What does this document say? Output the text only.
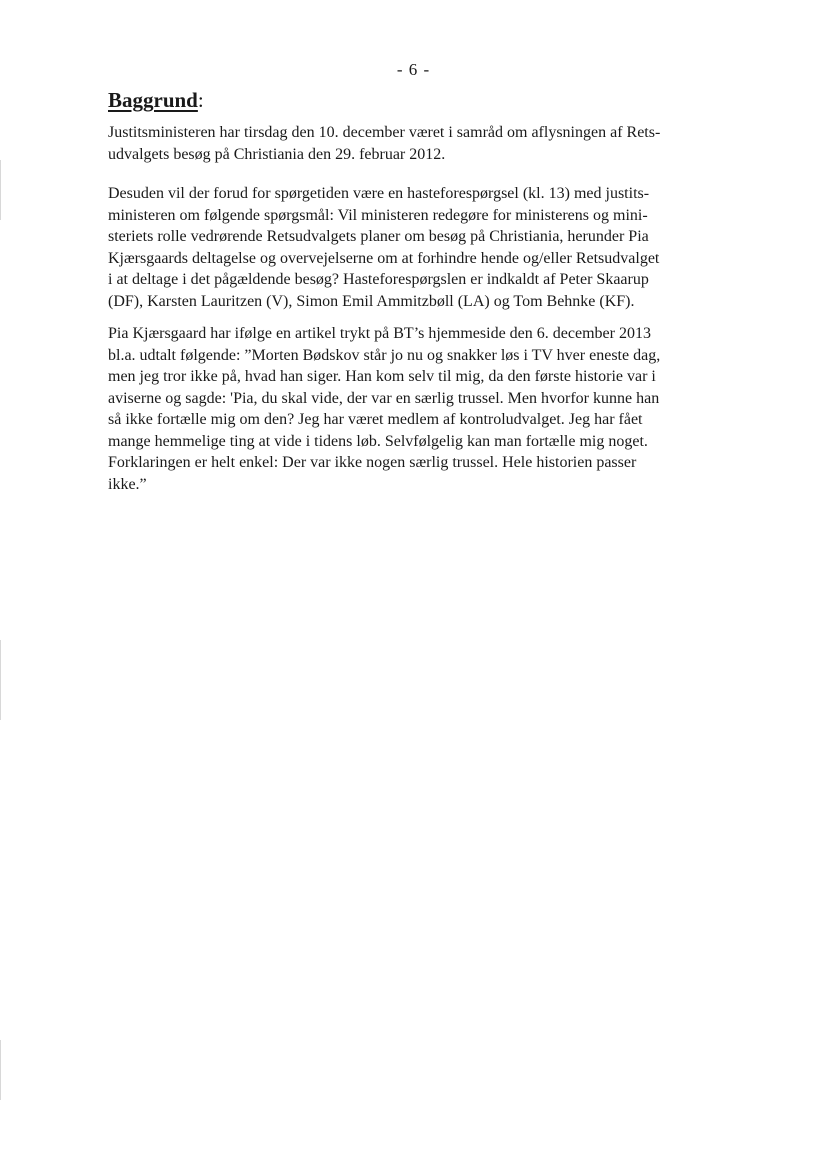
- 6 -
Baggrund:

Justitsministeren har tirsdag den 10. december været i samråd om aflysningen af Rets-
udvalgets besøg på Christiania den 29. februar 2012.

Desuden vil der forud for spørgetiden være en hasteforespørgsel (kl. 13) med justits-
ministeren om følgende spørgsmål: Vil ministeren redegøre for ministerens og mini-
steriets rolle vedrørende Retsudvalgets planer om besøg på Christiania, herunder Pia
Kjærsgaards deltagelse og overvejelserne om at forhindre hende og/eller Retsudvalget
i at deltage i det pågældende besøg? Hasteforespørgslen er indkaldt af Peter Skaarup
(DF), Karsten Lauritzen (V), Simon Emil Ammitzbøll (LA) og Tom Behnke (KF).

Pia Kjærsgaard har ifølge en artikel trykt på BT’s hjemmeside den 6. december 2013
bl.a. udtalt følgende: ”Morten Bødskov står jo nu og snakker løs i TV hver eneste dag,
men jeg tror ikke på, hvad han siger. Han kom selv til mig, da den første historie var i
aviserne og sagde: 'Pia, du skal vide, der var en særlig trussel. Men hvorfor kunne han
så ikke fortælle mig om den? Jeg har været medlem af kontroludvalget. Jeg har fået
mange hemmelige ting at vide i tidens løb. Selvfølgelig kan man fortælle mig noget.
Forklaringen er helt enkel: Der var ikke nogen særlig trussel. Hele historien passer
ikke.”
